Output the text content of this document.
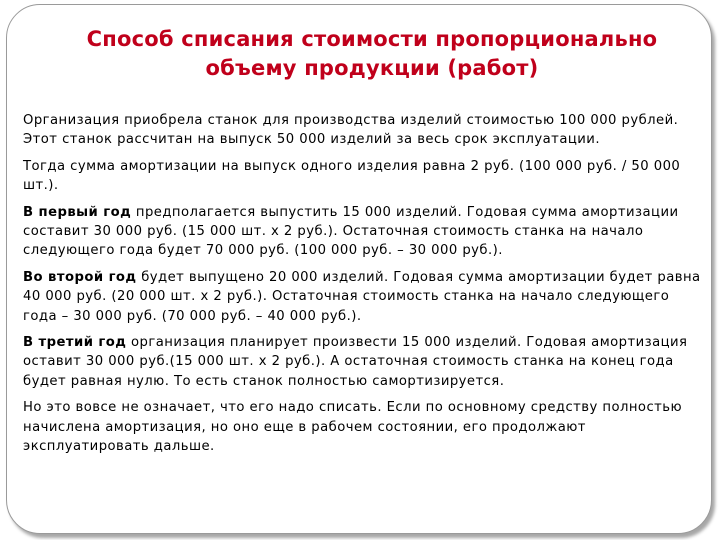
Способ списания стоимости пропорционально объему продукции (работ)

Организация приобрела станок для производства изделий стоимостью 100 000 рублей. Этот станок рассчитан на выпуск 50 000 изделий за весь срок эксплуатации.

Тогда сумма амортизации на выпуск одного изделия равна 2 руб. (100 000 руб. / 50 000 шт.).

В первый год предполагается выпустить 15 000 изделий. Годовая сумма амортизации составит 30 000 руб. (15 000 шт. х 2 руб.). Остаточная стоимость станка на начало следующего года будет 70 000 руб. (100 000 руб. – 30 000 руб.).

Во второй год будет выпущено 20 000 изделий. Годовая сумма амортизации будет равна 40 000 руб. (20 000 шт. х 2 руб.). Остаточная стоимость станка на начало следующего года – 30 000 руб. (70 000 руб. – 40 000 руб.).

В третий год организация планирует произвести 15 000 изделий. Годовая амортизация оставит 30 000 руб.(15 000 шт. х 2 руб.). А остаточная стоимость станка на конец года будет равная нулю. То есть станок полностью самортизируется.

Но это вовсе не означает, что его надо списать. Если по основному средству полностью начислена амортизация, но оно еще в рабочем состоянии, его продолжают эксплуатировать дальше.
